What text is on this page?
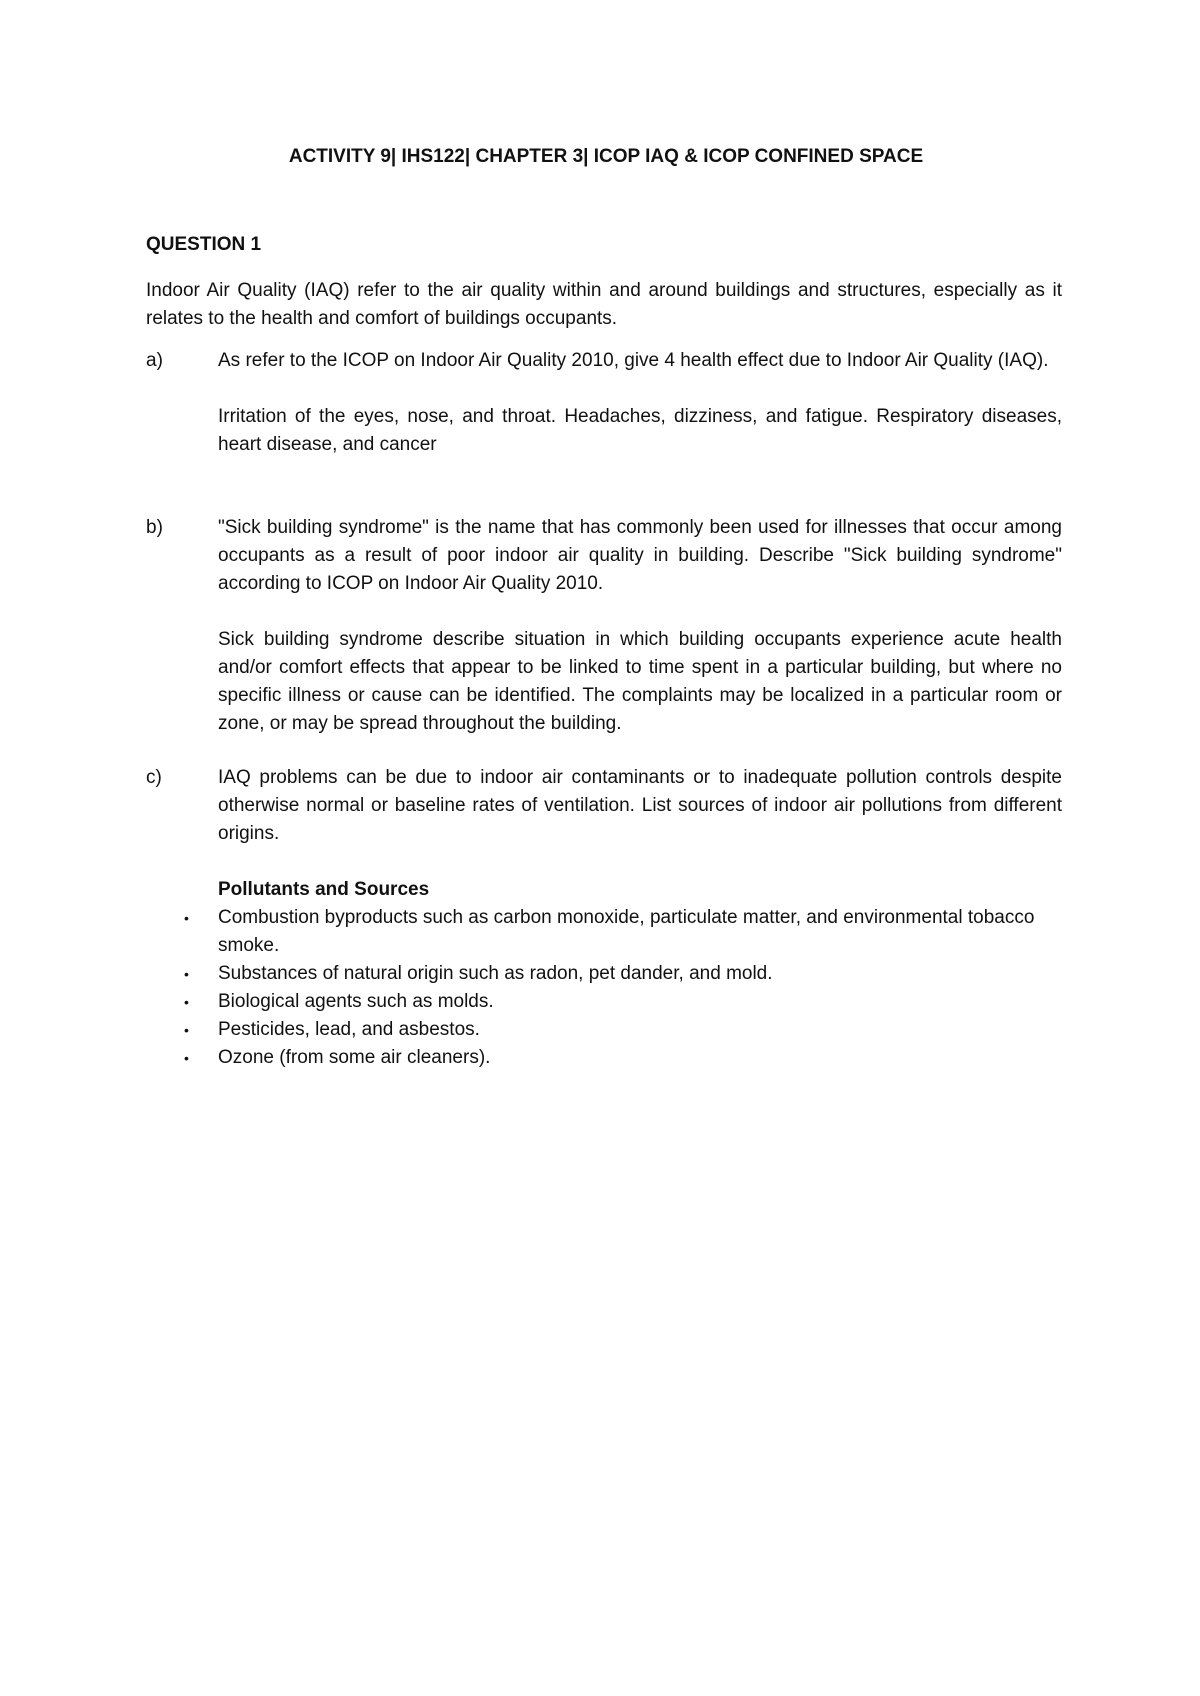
ACTIVITY 9| IHS122| CHAPTER 3| ICOP IAQ & ICOP CONFINED SPACE
QUESTION 1
Indoor Air Quality (IAQ) refer to the air quality within and around buildings and structures, especially as it relates to the health and comfort of buildings occupants.
a)	As refer to the ICOP on Indoor Air Quality 2010, give 4 health effect due to Indoor Air Quality (IAQ).
Irritation of the eyes, nose, and throat. Headaches, dizziness, and fatigue. Respiratory diseases, heart disease, and cancer
b)	"Sick building syndrome" is the name that has commonly been used for illnesses that occur among occupants as a result of poor indoor air quality in building. Describe "Sick building syndrome" according to ICOP on Indoor Air Quality 2010.
Sick building syndrome describe situation in which building occupants experience acute health and/or comfort effects that appear to be linked to time spent in a particular building, but where no specific illness or cause can be identified. The complaints may be localized in a particular room or zone, or may be spread throughout the building.
c)	IAQ problems can be due to indoor air contaminants or to inadequate pollution controls despite otherwise normal or baseline rates of ventilation. List sources of indoor air pollutions from different origins.
Pollutants and Sources
• Combustion byproducts such as carbon monoxide, particulate matter, and environmental tobacco smoke.
• Substances of natural origin such as radon, pet dander, and mold.
• Biological agents such as molds.
• Pesticides, lead, and asbestos.
• Ozone (from some air cleaners).
